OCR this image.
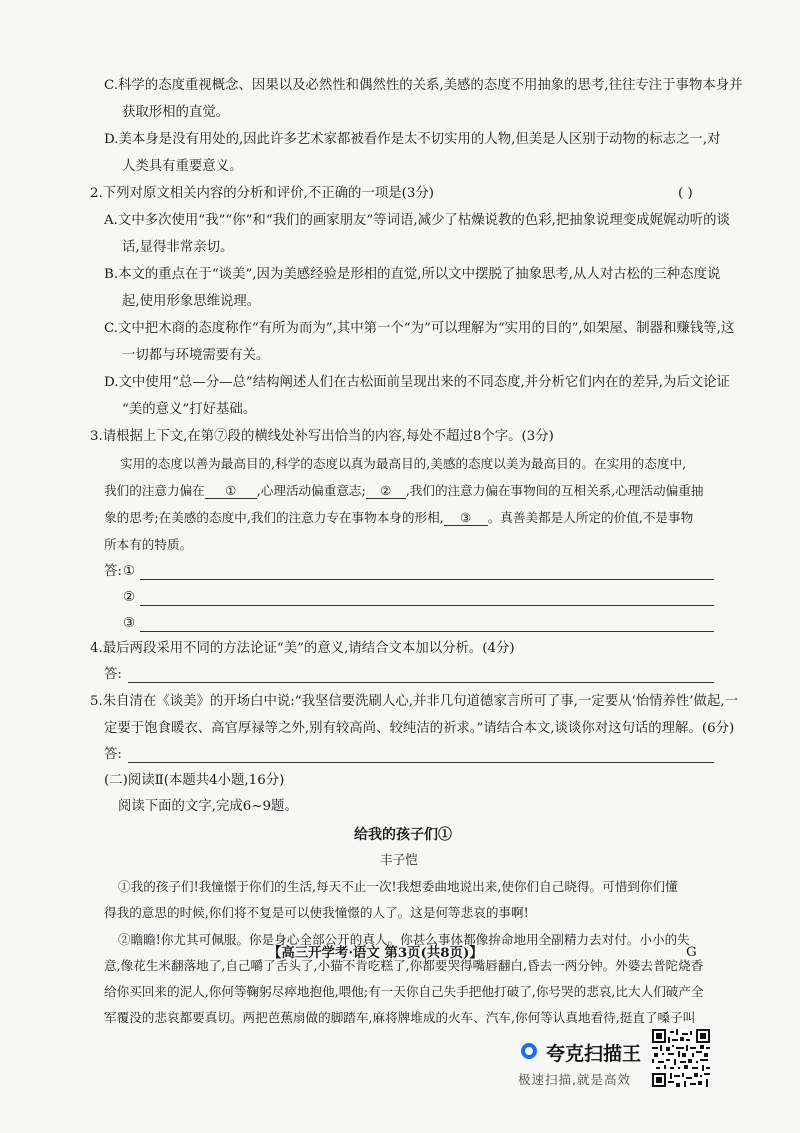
C.科学的态度重视概念、因果以及必然性和偶然性的关系,美感的态度不用抽象的思考,往往专注于事物本身并
获取形相的直觉。
D.美本身是没有用处的,因此许多艺术家都被看作是太不切实用的人物,但美是人区别于动物的标志之一,对
人类具有重要意义。
2.下列对原文相关内容的分析和评价,不正确的一项是(3分)	( )
A.文中多次使用“我”“你”和“我们的画家朋友”等词语,减少了枯燥说教的色彩,把抽象说理变成娓娓动听的谈
话,显得非常亲切。
B.本文的重点在于“谈美”,因为美感经验是形相的直觉,所以文中摆脱了抽象思考,从人对古松的三种态度说
起,使用形象思维说理。
C.文中把木商的态度称作“有所为而为”,其中第一个“为”可以理解为“实用的目的”,如架屋、制器和赚钱等,这
一切都与环境需要有关。
D.文中使用“总—分—总”结构阐述人们在古松面前呈现出来的不同态度,并分析它们内在的差异,为后文论证
“美的意义”打好基础。
3.请根据上下文,在第⑦段的横线处补写出恰当的内容,每处不超过8个字。(3分)
实用的态度以善为最高目的,科学的态度以真为最高目的,美感的态度以美为最高目的。在实用的态度中,
我们的注意力偏在 ① ,心理活动偏重意志; ② ,我们的注意力偏在事物间的互相关系,心理活动偏重抽
象的思考;在美感的态度中,我们的注意力专在事物本身的形相, ③ 。真善美都是人所定的价值,不是事物
所本有的特质。
答: ①
②
③
4.最后两段采用不同的方法论证“美”的意义,请结合文本加以分析。(4分)
答:
5.朱自清在《谈美》的开场白中说:“我坚信要洗刷人心,并非几句道德家言所可了事,一定要从‘怡情养性’做起,一
定要于饱食暖衣、高官厚禄等之外,别有较高尚、较纯洁的祈求。”请结合本文,谈谈你对这句话的理解。(6分)
答:
(二)阅读Ⅱ(本题共4小题,16分)
阅读下面的文字,完成6~9题。
给我的孩子们①
丰子恺
①我的孩子们!我憧憬于你们的生活,每天不止一次!我想委曲地说出来,使你们自己晓得。可惜到你们懂
得我的意思的时候,你们将不复是可以使我憧憬的人了。这是何等悲哀的事啊!
②瞻瞻!你尤其可佩服。你是身心全部公开的真人。你甚么事体都像拚命地用全副精力去对付。小小的失
意,像花生米翻落地了,自己嚼了舌头了,小猫不肯吃糕了,你都要哭得嘴唇翻白,昏去一两分钟。外婆去普陀烧香
给你买回来的泥人,你何等鞠躬尽瘁地抱他,喂他;有一天你自己失手把他打破了,你号哭的悲哀,比大人们破产全
军覆没的悲哀都要真切。两把芭蕉扇做的脚踏车,麻将牌堆成的火车、汽车,你何等认真地看待,挺直了嗓子叫
【高三开学考·语文 第3页(共8页)】	G
夸克扫描王
极速扫描,就是高效
